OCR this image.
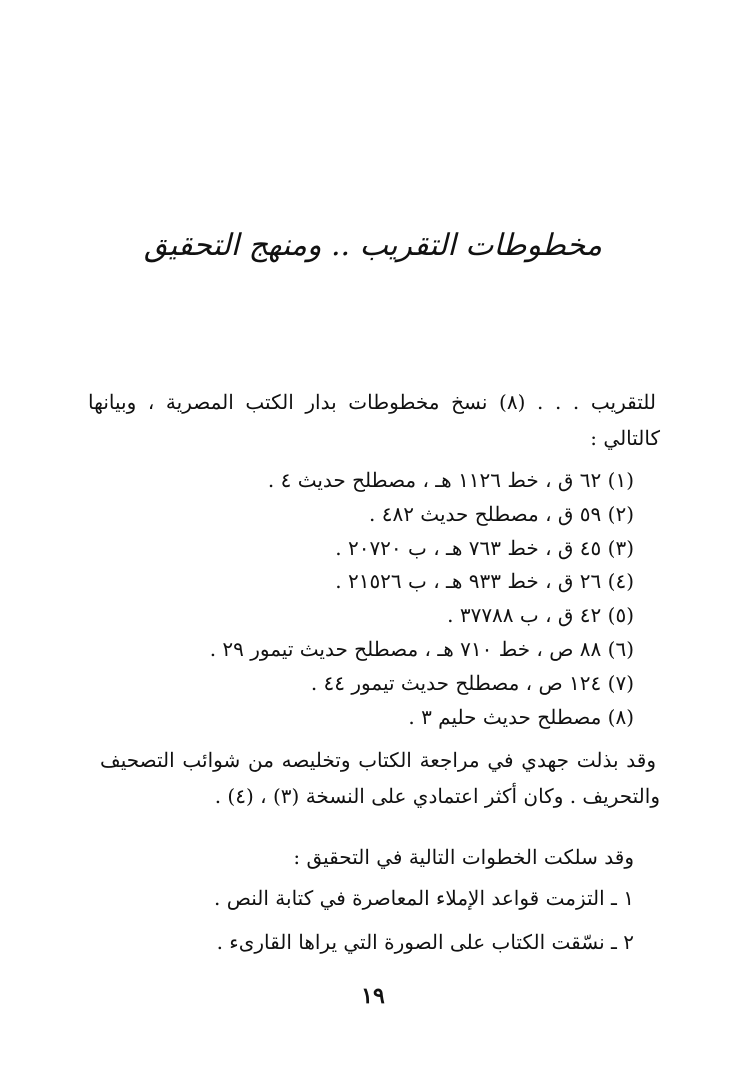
مخطوطات التقريب .. ومنهج التحقيق
للتقريب . . . (٨) نسخ مخطوطات بدار الكتب المصرية ، وبيانها
كالتالي :
(١) ٦٢ ق ، خط ١١٢٦ هـ ، مصطلح حديث ٤ .
(٢) ٥٩ ق ، مصطلح حديث ٤٨٢ .
(٣) ٤٥ ق ، خط ٧٦٣ هـ ، ب ٢٠٧٢٠ .
(٤) ٢٦ ق ، خط ٩٣٣ هـ ، ب ٢١٥٢٦ .
(٥) ٤٢ ق ، ب ٣٧٧٨٨ .
(٦) ٨٨ ص ، خط ٧١٠ هـ ، مصطلح حديث تيمور ٢٩ .
(٧) ١٢٤ ص ، مصطلح حديث تيمور ٤٤ .
(٨) مصطلح حديث حليم ٣ .
وقد بذلت جهدي في مراجعة الكتاب وتخليصه من شوائب التصحيف
والتحريف . وكان أكثر اعتمادي على النسخة (٣) ، (٤) .
وقد سلكت الخطوات التالية في التحقيق :
١ ـ التزمت قواعد الإملاء المعاصرة في كتابة النص .
٢ ـ نسّقت الكتاب على الصورة التي يراها القارىء .
١٩
